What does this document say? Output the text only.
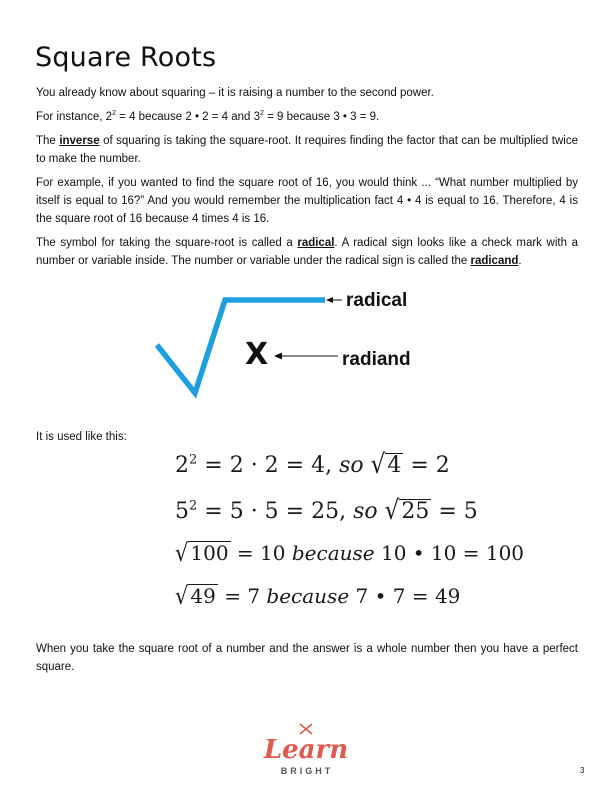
Square Roots

You already know about squaring – it is raising a number to the second power.

For instance, $2^2 = 4$ because 2 • 2 = 4 and $3^2 = 9$ because 3 • 3 = 9.

The inverse of squaring is taking the square-root. It requires finding the factor that can be multiplied twice to make the number.

For example, if you wanted to find the square root of 16, you would think ... “What number multiplied by itself is equal to 16?” And you would remember the multiplication fact 4 • 4 is equal to 16. Therefore, 4 is the square root of 16 because 4 times 4 is 16.

The symbol for taking the square-root is called a radical. A radical sign looks like a check mark with a number or variable inside. The number or variable under the radical sign is called the radicand.

radical
X	radiand

It is used like this:

$2^2 = 2 \cdot 2 = 4$, so √4 = 2
$5^2 = 5 \cdot 5 = 25$, so √25 = 5
√ 100 = 10 because 10 • 10 = 100
√ 49 = 7 because 7 • 7 = 49

When you take the square root of a number and the answer is a whole number then you have a perfect square.

Learn
BRIGHT	3
